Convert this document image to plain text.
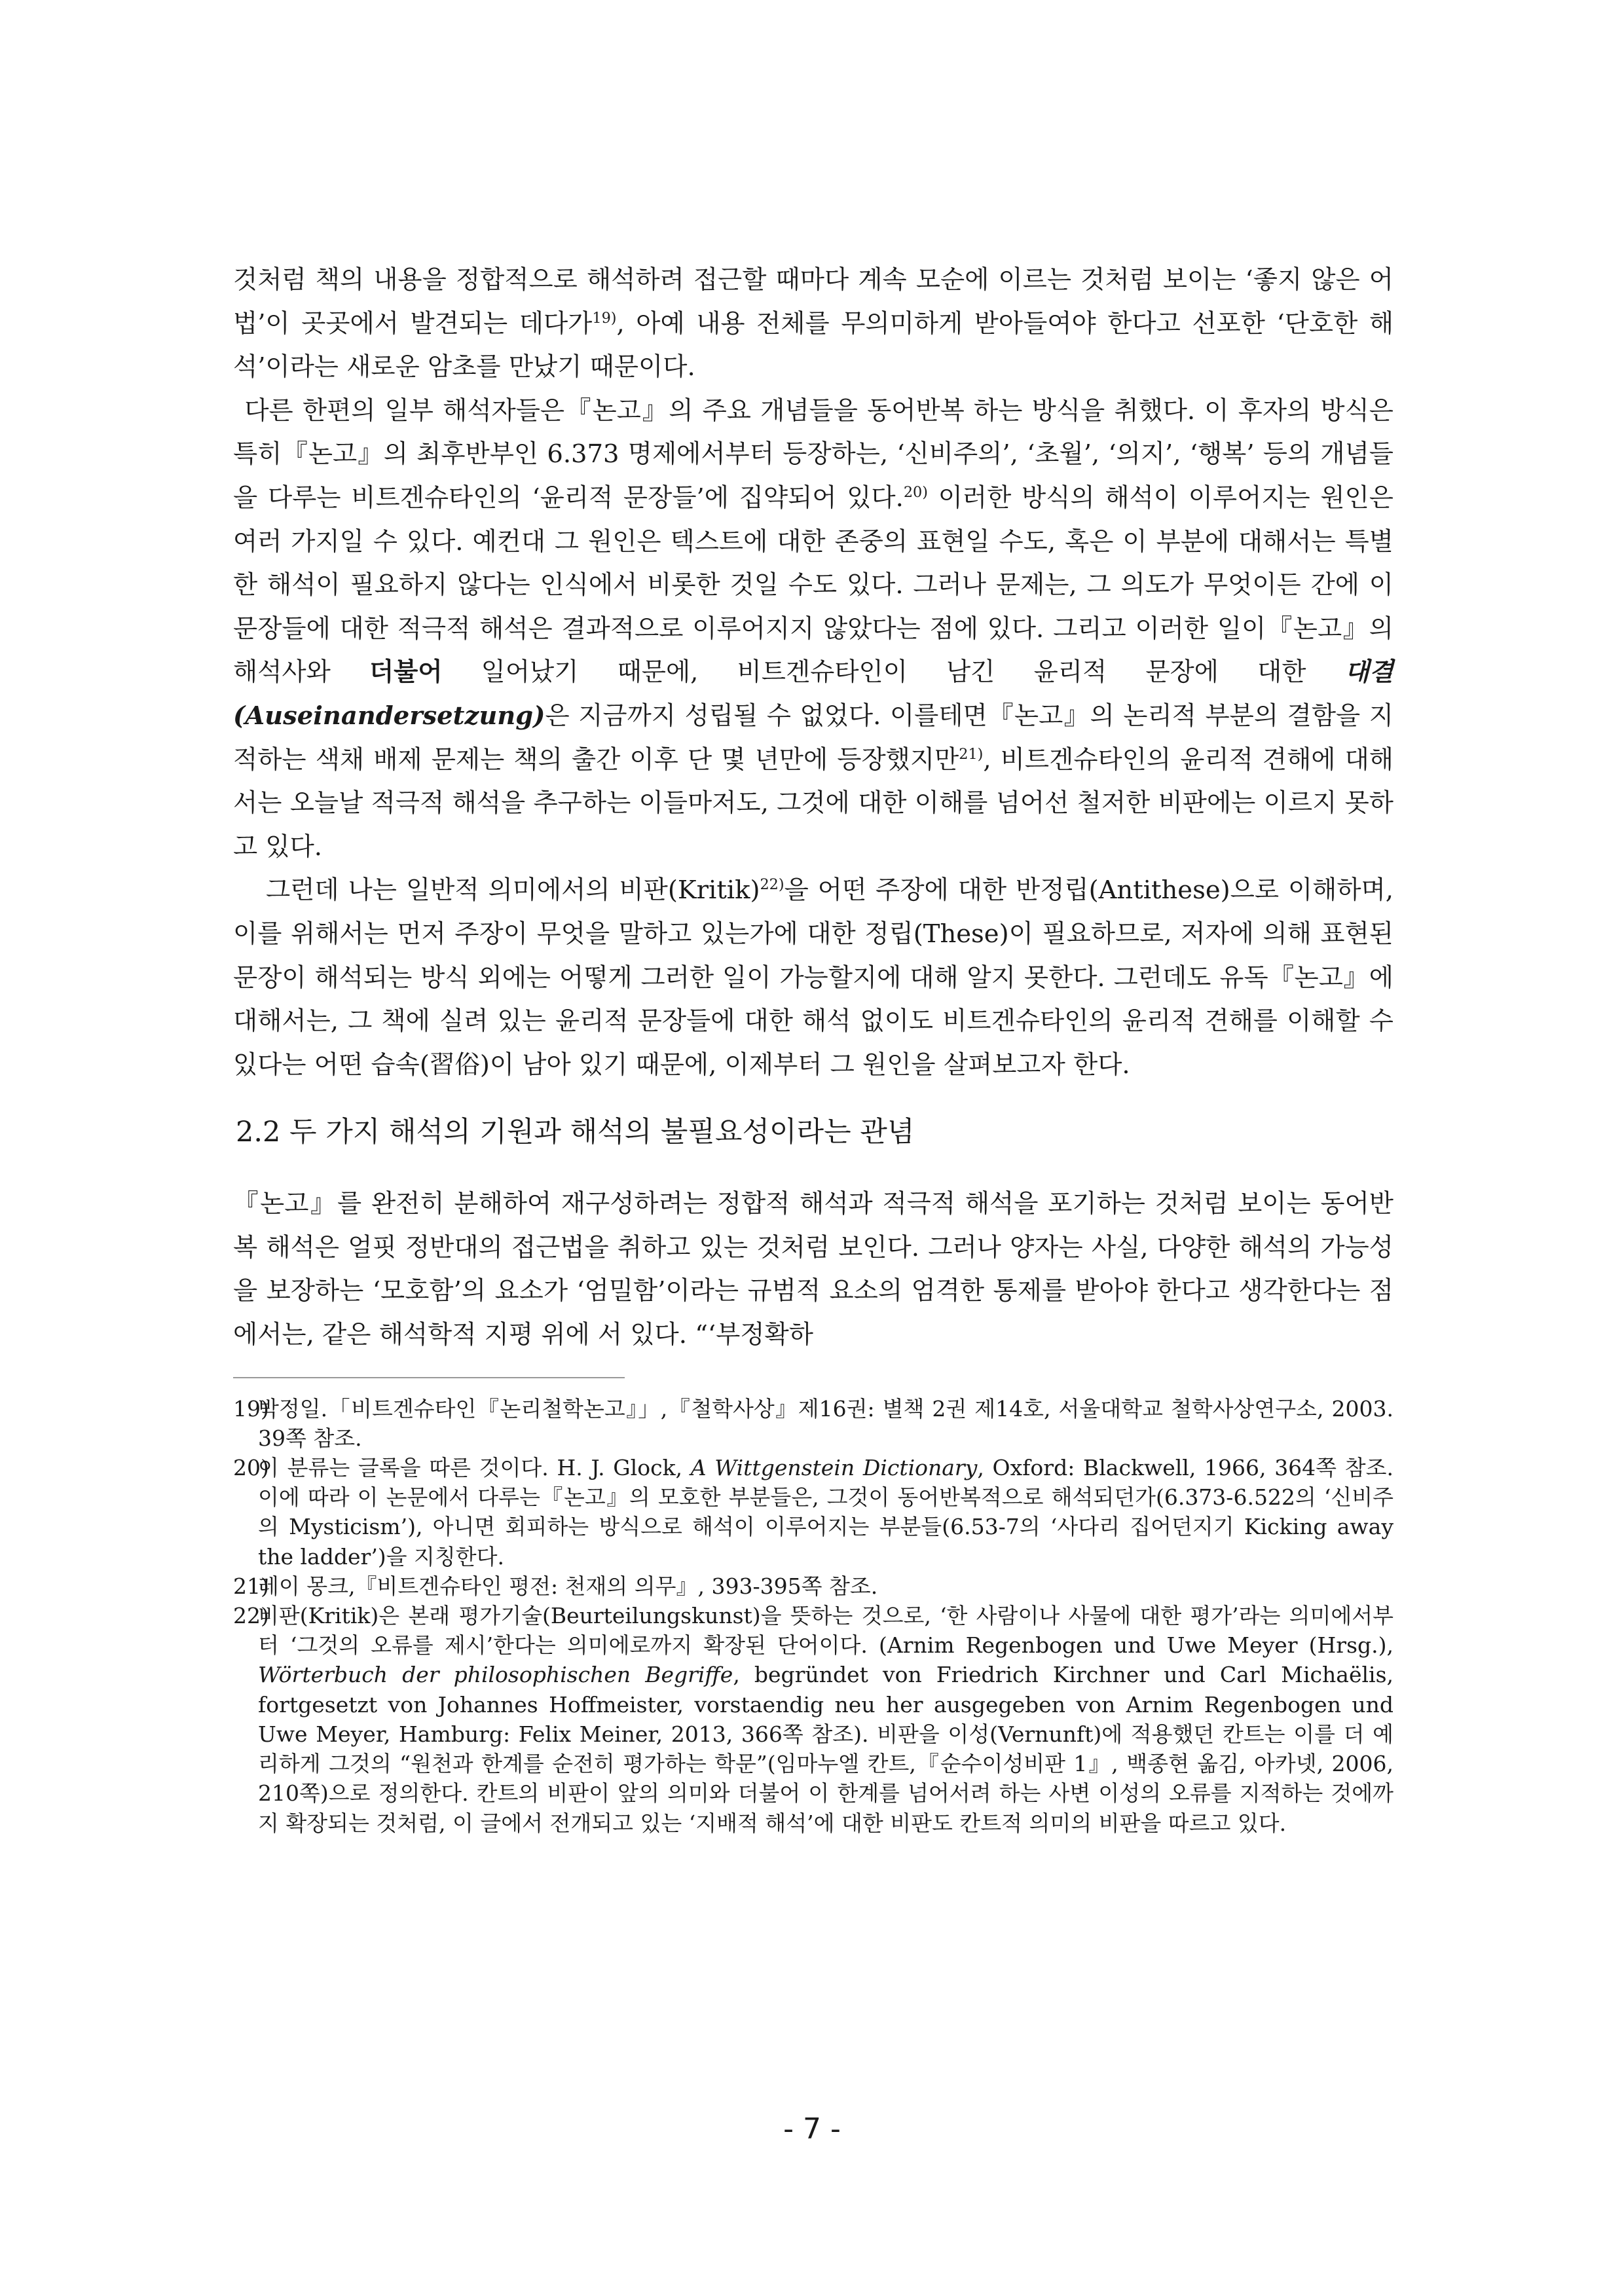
것처럼 책의 내용을 정합적으로 해석하려 접근할 때마다 계속 모순에 이르는 것처럼 보이는 ‘좋지 않은 어법’이 곳곳에서 발견되는 데다가$^{19)}$, 아예 내용 전체를 무의미하게 받아들여야 한다고 선포한 ‘단호한 해석’이라는 새로운 암초를 만났기 때문이다.

다른 한편의 일부 해석자들은『논고』의 주요 개념들을 동어반복 하는 방식을 취했다. 이 후자의 방식은 특히『논고』의 최후반부인 6.373 명제에서부터 등장하는, ‘신비주의’, ‘초월’, ‘의지’, ‘행복’ 등의 개념들을 다루는 비트겐슈타인의 ‘윤리적 문장들’에 집약되어 있다.$^{20)}$ 이러한 방식의 해석이 이루어지는 원인은 여러 가지일 수 있다. 예컨대 그 원인은 텍스트에 대한 존중의 표현일 수도, 혹은 이 부분에 대해서는 특별한 해석이 필요하지 않다는 인식에서 비롯한 것일 수도 있다. 그러나 문제는, 그 의도가 무엇이든 간에 이 문장들에 대한 적극적 해석은 결과적으로 이루어지지 않았다는 점에 있다. 그리고 이러한 일이『논고』의 해석사와 더불어 일어났기 때문에, 비트겐슈타인이 남긴 윤리적 문장에 대한 대결(Auseinandersetzung)은 지금까지 성립될 수 없었다. 이를테면『논고』의 논리적 부분의 결함을 지적하는 색채 배제 문제는 책의 출간 이후 단 몇 년만에 등장했지만$^{21)}$, 비트겐슈타인의 윤리적 견해에 대해서는 오늘날 적극적 해석을 추구하는 이들마저도, 그것에 대한 이해를 넘어선 철저한 비판에는 이르지 못하고 있다.

그런데 나는 일반적 의미에서의 비판(Kritik)$^{22)}$을 어떤 주장에 대한 반정립(Antithese)으로 이해하며, 이를 위해서는 먼저 주장이 무엇을 말하고 있는가에 대한 정립(These)이 필요하므로, 저자에 의해 표현된 문장이 해석되는 방식 외에는 어떻게 그러한 일이 가능할지에 대해 알지 못한다. 그런데도 유독『논고』에 대해서는, 그 책에 실려 있는 윤리적 문장들에 대한 해석 없이도 비트겐슈타인의 윤리적 견해를 이해할 수 있다는 어떤 습속(習俗)이 남아 있기 때문에, 이제부터 그 원인을 살펴보고자 한다.

2.2 두 가지 해석의 기원과 해석의 불필요성이라는 관념

『논고』를 완전히 분해하여 재구성하려는 정합적 해석과 적극적 해석을 포기하는 것처럼 보이는 동어반복 해석은 얼핏 정반대의 접근법을 취하고 있는 것처럼 보인다. 그러나 양자는 사실, 다양한 해석의 가능성을 보장하는 ‘모호함’의 요소가 ‘엄밀함’이라는 규범적 요소의 엄격한 통제를 받아야 한다고 생각한다는 점에서는, 같은 해석학적 지평 위에 서 있다. “‘부정확하

19 )
박정일.「비트겐슈타인『논리철학논고』」,『철학사상』제16권: 별책 2권 제14호, 서울대학교 철학사상연구소, 2003. 39쪽 참조.

20 )
이 분류는 글록을 따른 것이다. H. J. Glock, A Wittgenstein Dictionary, Oxford: Blackwell, 1966, 364쪽 참조. 이에 따라 이 논문에서 다루는『논고』의 모호한 부분들은, 그것이 동어반복적으로 해석되던가(6.373-6.522의 ‘신비주의 Mysticism’), 아니면 회피하는 방식으로 해석이 이루어지는 부분들(6.53-7의 ‘사다리 집어던지기 Kicking away the ladder’)을 지칭한다.

21 )
레이 몽크,『비트겐슈타인 평전: 천재의 의무』, 393-395쪽 참조.

22 )
비판(Kritik)은 본래 평가기술(Beurteilungskunst)을 뜻하는 것으로, ‘한 사람이나 사물에 대한 평가’라는 의미에서부터 ‘그것의 오류를 제시’한다는 의미에로까지 확장된 단어이다. (Arnim Regenbogen und Uwe Meyer (Hrsg.), Wörterbuch der philosophischen Begriffe, begründet von Friedrich Kirchner und Carl Michaëlis, fortgesetzt von Johannes Hoffmeister, vorstaendig neu her ausgegeben von Arnim Regenbogen und Uwe Meyer, Hamburg: Felix Meiner, 2013, 366쪽 참조). 비판을 이성(Vernunft)에 적용했던 칸트는 이를 더 예리하게 그것의 “원천과 한계를 순전히 평가하는 학문”(임마누엘 칸트,『순수이성비판 1』, 백종현 옮김, 아카넷, 2006, 210쪽)으로 정의한다. 칸트의 비판이 앞의 의미와 더불어 이 한계를 넘어서려 하는 사변 이성의 오류를 지적하는 것에까지 확장되는 것처럼, 이 글에서 전개되고 있는 ‘지배적 해석’에 대한 비판도 칸트적 의미의 비판을 따르고 있다.

- 7 -
